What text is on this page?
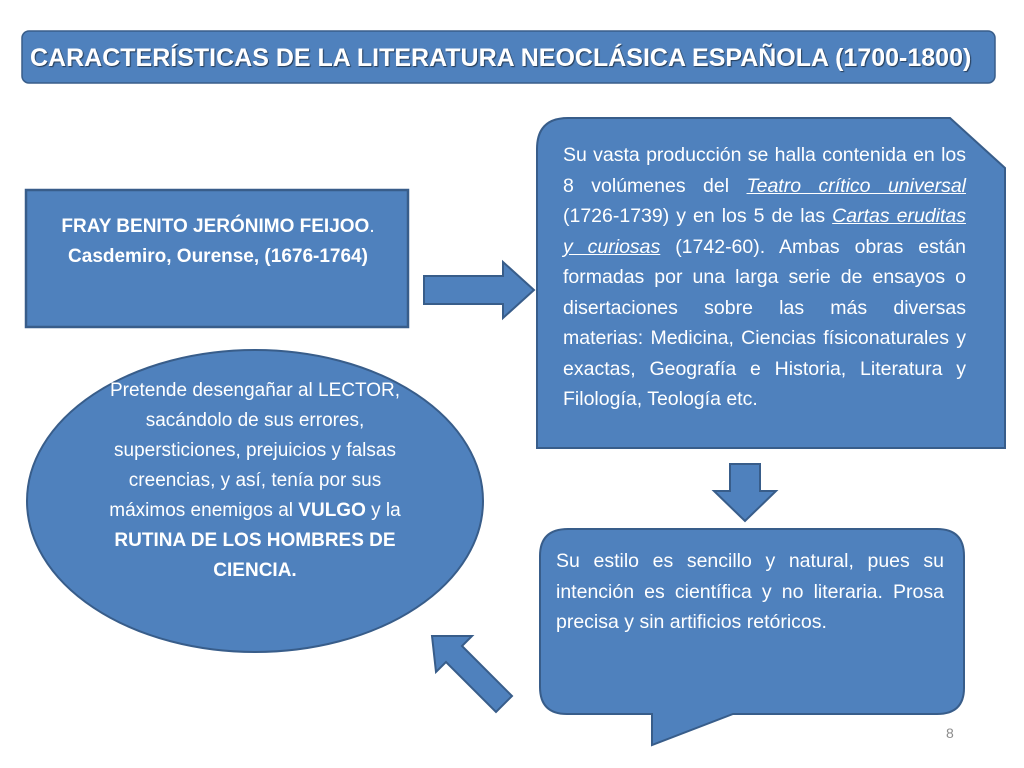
CARACTERÍSTICAS DE LA LITERATURA NEOCLÁSICA ESPAÑOLA (1700-1800)
FRAY BENITO JERÓNIMO FEIJOO.
Casdemiro, Ourense, (1676-1764)
Su vasta producción se halla contenida en los 8 volúmenes del Teatro crítico universal (1726-1739) y en los 5 de las Cartas eruditas y curiosas (1742-60). Ambas obras están formadas por una larga serie de ensayos o disertaciones sobre las más diversas materias: Medicina, Ciencias físiconaturales y exactas, Geografía e Historia, Literatura y Filología, Teología etc.
Su estilo es sencillo y natural, pues su intención es científica y no literaria. Prosa precisa y sin artificios retóricos.
Pretende desengañar al LECTOR, sacándolo de sus errores, supersticiones, prejuicios y falsas creencias, y así, tenía por sus máximos enemigos al VULGO y la RUTINA DE LOS HOMBRES DE CIENCIA.
8
